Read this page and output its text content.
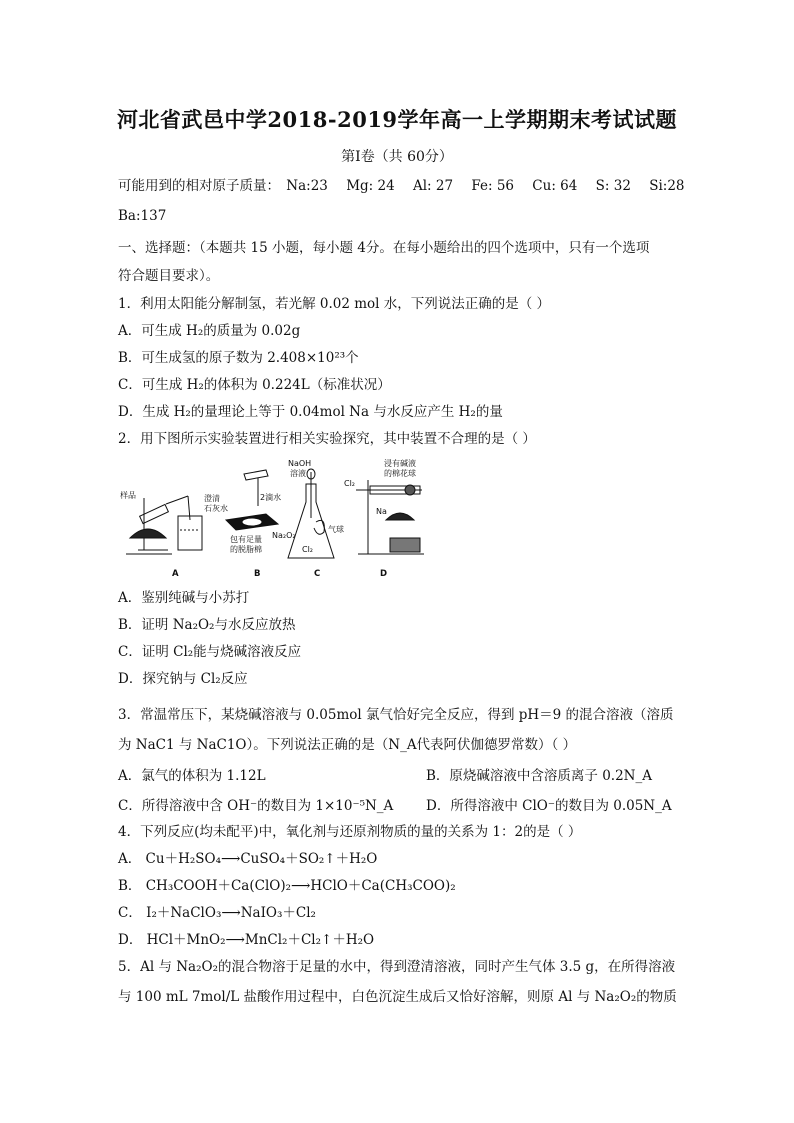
河北省武邑中学2018-2019学年高一上学期期末考试试题
第Ⅰ卷（共 60分）
可能用到的相对原子质量： Na:23 Mg: 24 Al: 27 Fe: 56 Cu: 64 S: 32 Si:28
Ba:137
一、选择题：（本题共 15 小题，每小题 4分。在每小题给出的四个选项中，只有一个选项
符合题目要求）。
1．利用太阳能分解制氢，若光解 0.02 mol 水，下列说法正确的是（ ）
A．可生成 H₂的质量为 0.02g
B．可生成氢的原子数为 2.408×10²³个
C．可生成 H₂的体积为 0.224L（标准状况）
D．生成 H₂的量理论上等于 0.04mol Na 与水反应产生 H₂的量
2．用下图所示实验装置进行相关实验探究，其中装置不合理的是（ ）
样品	澄清
石灰水
A
2滴水
包有足量
的脱脂棉
Na₂O₂
B
NaOH
溶液
气球
Cl₂
C
Cl₂
浸有碱液
的棉花球
Na
D
A．鉴别纯碱与小苏打
B．证明 Na₂O₂与水反应放热
C．证明 Cl₂能与烧碱溶液反应
D．探究钠与 Cl₂反应
3．常温常压下，某烧碱溶液与 0.05mol 氯气恰好完全反应，得到 pH＝9 的混合溶液（溶质
为 NaC1 与 NaC1O）。下列说法正确的是（N_A代表阿伏伽德罗常数）（ ）
A．氯气的体积为 1.12L	B．原烧碱溶液中含溶质离子 0.2N_A
C．所得溶液中含 OH⁻的数目为 1×10⁻⁵N_A D．所得溶液中 ClO⁻的数目为 0.05N_A
4．下列反应(均未配平)中，氧化剂与还原剂物质的量的关系为 1：2的是（ ）
A． Cu＋H₂SO₄⟶CuSO₄＋SO₂↑＋H₂O
B． CH₃COOH＋Ca(ClO)₂⟶HClO＋Ca(CH₃COO)₂
C． I₂＋NaClO₃⟶NaIO₃＋Cl₂
D． HCl＋MnO₂⟶MnCl₂＋Cl₂↑＋H₂O
5．Al 与 Na₂O₂的混合物溶于足量的水中，得到澄清溶液，同时产生气体 3.5 g，在所得溶液
与 100 mL 7mol/L 盐酸作用过程中，白色沉淀生成后又恰好溶解，则原 Al 与 Na₂O₂的物质
